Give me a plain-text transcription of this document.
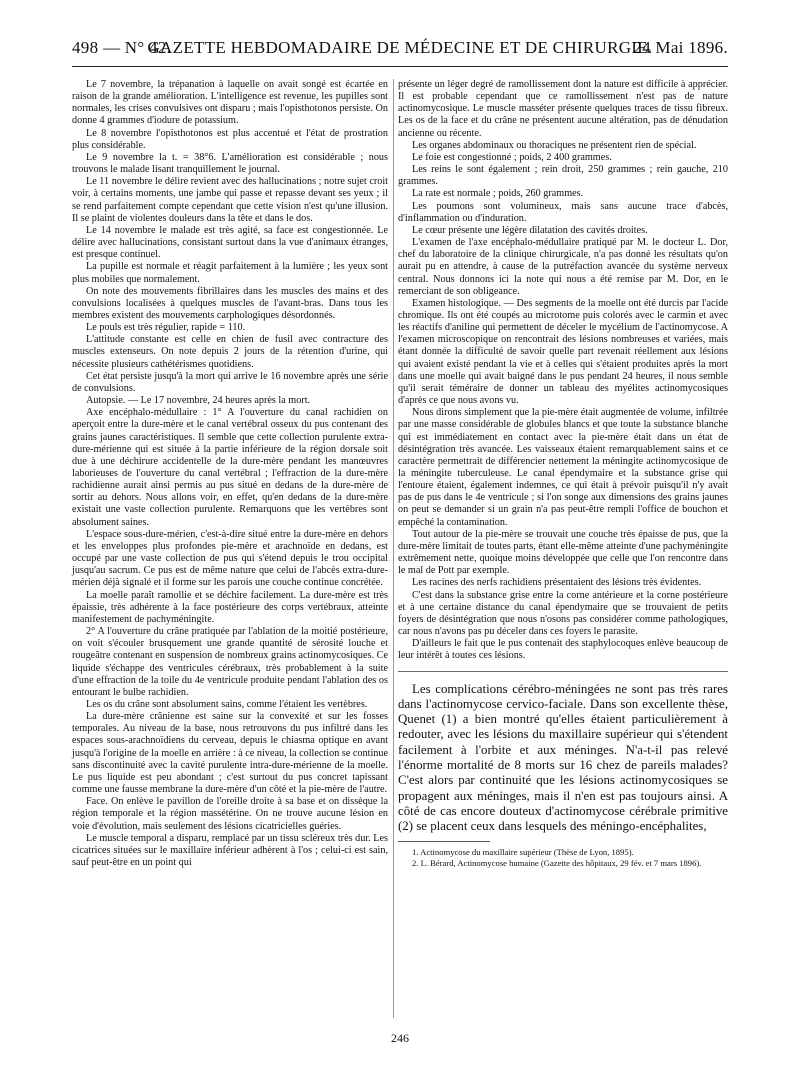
498 — N° 42.
GAZETTE HEBDOMADAIRE DE MÉDECINE ET DE CHIRURGIE.
24 Mai 1896.

Le 7 novembre, la trépanation à laquelle on avait songé est écartée en raison de la grande amélioration. L'intelligence est revenue, les pupilles sont normales, les crises convulsives ont disparu ; mais l'opisthotonos persiste. On donne 4 grammes d'iodure de potassium.

Le 8 novembre l'opisthotonos est plus accentué et l'état de prostration plus considérable.

Le 9 novembre la t. = 38°6. L'amélioration est considérable ; nous trouvons le malade lisant tranquillement le journal.

Le 11 novembre le délire revient avec des hallucinations ; notre sujet croit voir, à certains moments, une jambe qui passe et repasse devant ses yeux ; il se rend parfaitement compte cependant que cette vision n'est qu'une illusion. Il se plaint de violentes douleurs dans la tête et dans le dos.

Le 14 novembre le malade est très agité, sa face est congestionnée. Le délire avec hallucinations, consistant surtout dans la vue d'animaux étranges, est presque continuel.

La pupille est normale et réagit parfaitement à la lumière ; les yeux sont plus mobiles que normalement.

On note des mouvements fibrillaires dans les muscles des mains et des convulsions localisées à quelques muscles de l'avant-bras. Dans tous les membres existent des mouvements carphologiques désordonnés.

Le pouls est très régulier, rapide = 110.

L'attitude constante est celle en chien de fusil avec contracture des muscles extenseurs. On note depuis 2 jours de la rétention d'urine, qui nécessite plusieurs cathétérismes quotidiens.

Cet état persiste jusqu'à la mort qui arrive le 16 novembre après une série de convulsions.

Autopsie. — Le 17 novembre, 24 heures après la mort.

Axe encéphalo-médullaire : 1° A l'ouverture du canal rachidien on aperçoit entre la dure-mère et le canal vertébral osseux du pus contenant des grains jaunes caractéristiques. Il semble que cette collection purulente extra-dure-mérienne qui est située à la partie inférieure de la région dorsale soit due à une déchirure accidentelle de la dure-mère pendant les manœuvres laborieuses de l'ouverture du canal vertébral ; l'effraction de la dure-mère rachidienne aurait ainsi permis au pus situé en dedans de la dure-mère de sortir au dehors. Nous allons voir, en effet, qu'en dedans de la dure-mère existait une vaste collection purulente. Remarquons que les vertèbres sont absolument saines.

L'espace sous-dure-mérien, c'est-à-dire situé entre la dure-mère en dehors et les enveloppes plus profondes pie-mère et arachnoïde en dedans, est occupé par une vaste collection de pus qui s'étend depuis le trou occipital jusqu'au sacrum. Ce pus est de même nature que celui de l'abcès extra-dure-mérien déjà signalé et il forme sur les parois une couche continue concrétée.

La moelle paraît ramollie et se déchire facilement. La dure-mère est très épaissie, très adhérente à la face postérieure des corps vertébraux, atteinte manifestement de pachyméningite.

2° A l'ouverture du crâne pratiquée par l'ablation de la moitié postérieure, on voit s'écouler brusquement une grande quantité de sérosité louche et rougeâtre contenant en suspension de nombreux grains actinomycosiques. Ce liquide s'échappe des ventricules cérébraux, très probablement à la suite d'une effraction de la toile du 4e ventricule produite pendant l'ablation des os entourant le bulbe rachidien.

Les os du crâne sont absolument sains, comme l'étaient les vertèbres.

La dure-mère crânienne est saine sur la convexité et sur les fosses temporales. Au niveau de la base, nous retrouvons du pus infiltré dans les espaces sous-arachnoïdiens du cerveau, depuis le chiasma optique en avant jusqu'à l'origine de la moelle en arrière : à ce niveau, la collection se continue sans discontinuité avec la cavité purulente intra-dure-mérienne de la moelle. Le pus liquide est peu abondant ; c'est surtout du pus concret tapissant comme une fausse membrane la dure-mère d'un côté et la pie-mère de l'autre.

Face. On enlève le pavillon de l'oreille droite à sa base et on dissèque la région temporale et la région massétérine. On ne trouve aucune lésion en voie d'évolution, mais seulement des lésions cicatricielles guéries.

Le muscle temporal a disparu, remplacé par un tissu scléreux très dur. Les cicatrices situées sur le maxillaire inférieur adhèrent à l'os ; celui-ci est sain, sauf peut-être en un point qui

présente un léger degré de ramollissement dont la nature est difficile à apprécier. Il est probable cependant que ce ramollissement n'est pas de nature actinomycosique. Le muscle masséter présente quelques traces de tissu fibreux. Les os de la face et du crâne ne présentent aucune altération, pas de dénudation ancienne ou récente.

Les organes abdominaux ou thoraciques ne présentent rien de spécial.

Le foie est congestionné ; poids, 2 400 grammes.

Les reins le sont également ; rein droit, 250 grammes ; rein gauche, 210 grammes.

La rate est normale ; poids, 260 grammes.

Les poumons sont volumineux, mais sans aucune trace d'abcès, d'inflammation ou d'induration.

Le cœur présente une légère dilatation des cavités droites.

L'examen de l'axe encéphalo-médullaire pratiqué par M. le docteur L. Dor, chef du laboratoire de la clinique chirurgicale, n'a pas donné les résultats qu'on aurait pu en attendre, à cause de la putréfaction avancée du système nerveux central. Nous donnons ici la note qui nous a été remise par M. Dor, en le remerciant de son obligeance.

Examen histologique. — Des segments de la moelle ont été durcis par l'acide chromique. Ils ont été coupés au microtome puis colorés avec le carmin et avec les réactifs d'aniline qui permettent de déceler le mycélium de l'actinomycose. A l'examen microscopique on rencontrait des lésions nombreuses et variées, mais étant donnée la difficulté de savoir quelle part revenait réellement aux lésions qui avaient existé pendant la vie et à celles qui s'étaient produites après la mort dans une moelle qui avait baigné dans le pus pendant 24 heures, il nous semble qu'il serait téméraire de donner un tableau des myélites actinomycosiques d'après ce que nous avons vu.

Nous dirons simplement que la pie-mère était augmentée de volume, infiltrée par une masse considérable de globules blancs et que toute la substance blanche qui est immédiatement en contact avec la pie-mère était dans un état de désintégration très avancée. Les vaisseaux étaient remarquablement sains et ce caractère permettrait de différencier nettement la méningite actinomycosique de la méningite tuberculeuse. Le canal épendymaire et la substance grise qui l'entoure étaient, également indemnes, ce qui était à prévoir puisqu'il n'y avait pas de pus dans le 4e ventricule ; si l'on songe aux dimensions des grains jaunes on peut se demander si un grain n'a pas peut-être rempli l'office de bouchon et empêché la contamination.

Tout autour de la pie-mère se trouvait une couche très épaisse de pus, que la dure-mère limitait de toutes parts, étant elle-même atteinte d'une pachyméningite extrêmement nette, quoique moins développée que celle que l'on rencontre dans le mal de Pott par exemple.

Les racines des nerfs rachidiens présentaient des lésions très évidentes.

C'est dans la substance grise entre la corne antérieure et la corne postérieure et à une certaine distance du canal épendymaire que se trouvaient de petits foyers de désintégration que nous n'osons pas considérer comme pathologiques, car nous n'avons pas pu déceler dans ces foyers le parasite.

D'ailleurs le fait que le pus contenait des staphylocoques enlève beaucoup de leur intérêt à toutes ces lésions.

Les complications cérébro-méningées ne sont pas très rares dans l'actinomycose cervico-faciale. Dans son excellente thèse, Quenet (1) a bien montré qu'elles étaient particulièrement à redouter, avec les lésions du maxillaire supérieur qui s'étendent facilement à l'orbite et aux méninges. N'a-t-il pas relevé l'énorme mortalité de 8 morts sur 16 chez de pareils malades? C'est alors par continuité que les lésions actinomycosiques se propagent aux méninges, mais il n'en est pas toujours ainsi. A côté de cas encore douteux d'actinomycose cérébrale primitive (2) se placent ceux dans lesquels des méningo-encéphalites,

1. Actinomycose du maxillaire supérieur (Thèse de Lyon, 1895).

2. L. Bérard, Actinomycose humaine (Gazette des hôpitaux, 29 fév. et 7 mars 1896).

246
